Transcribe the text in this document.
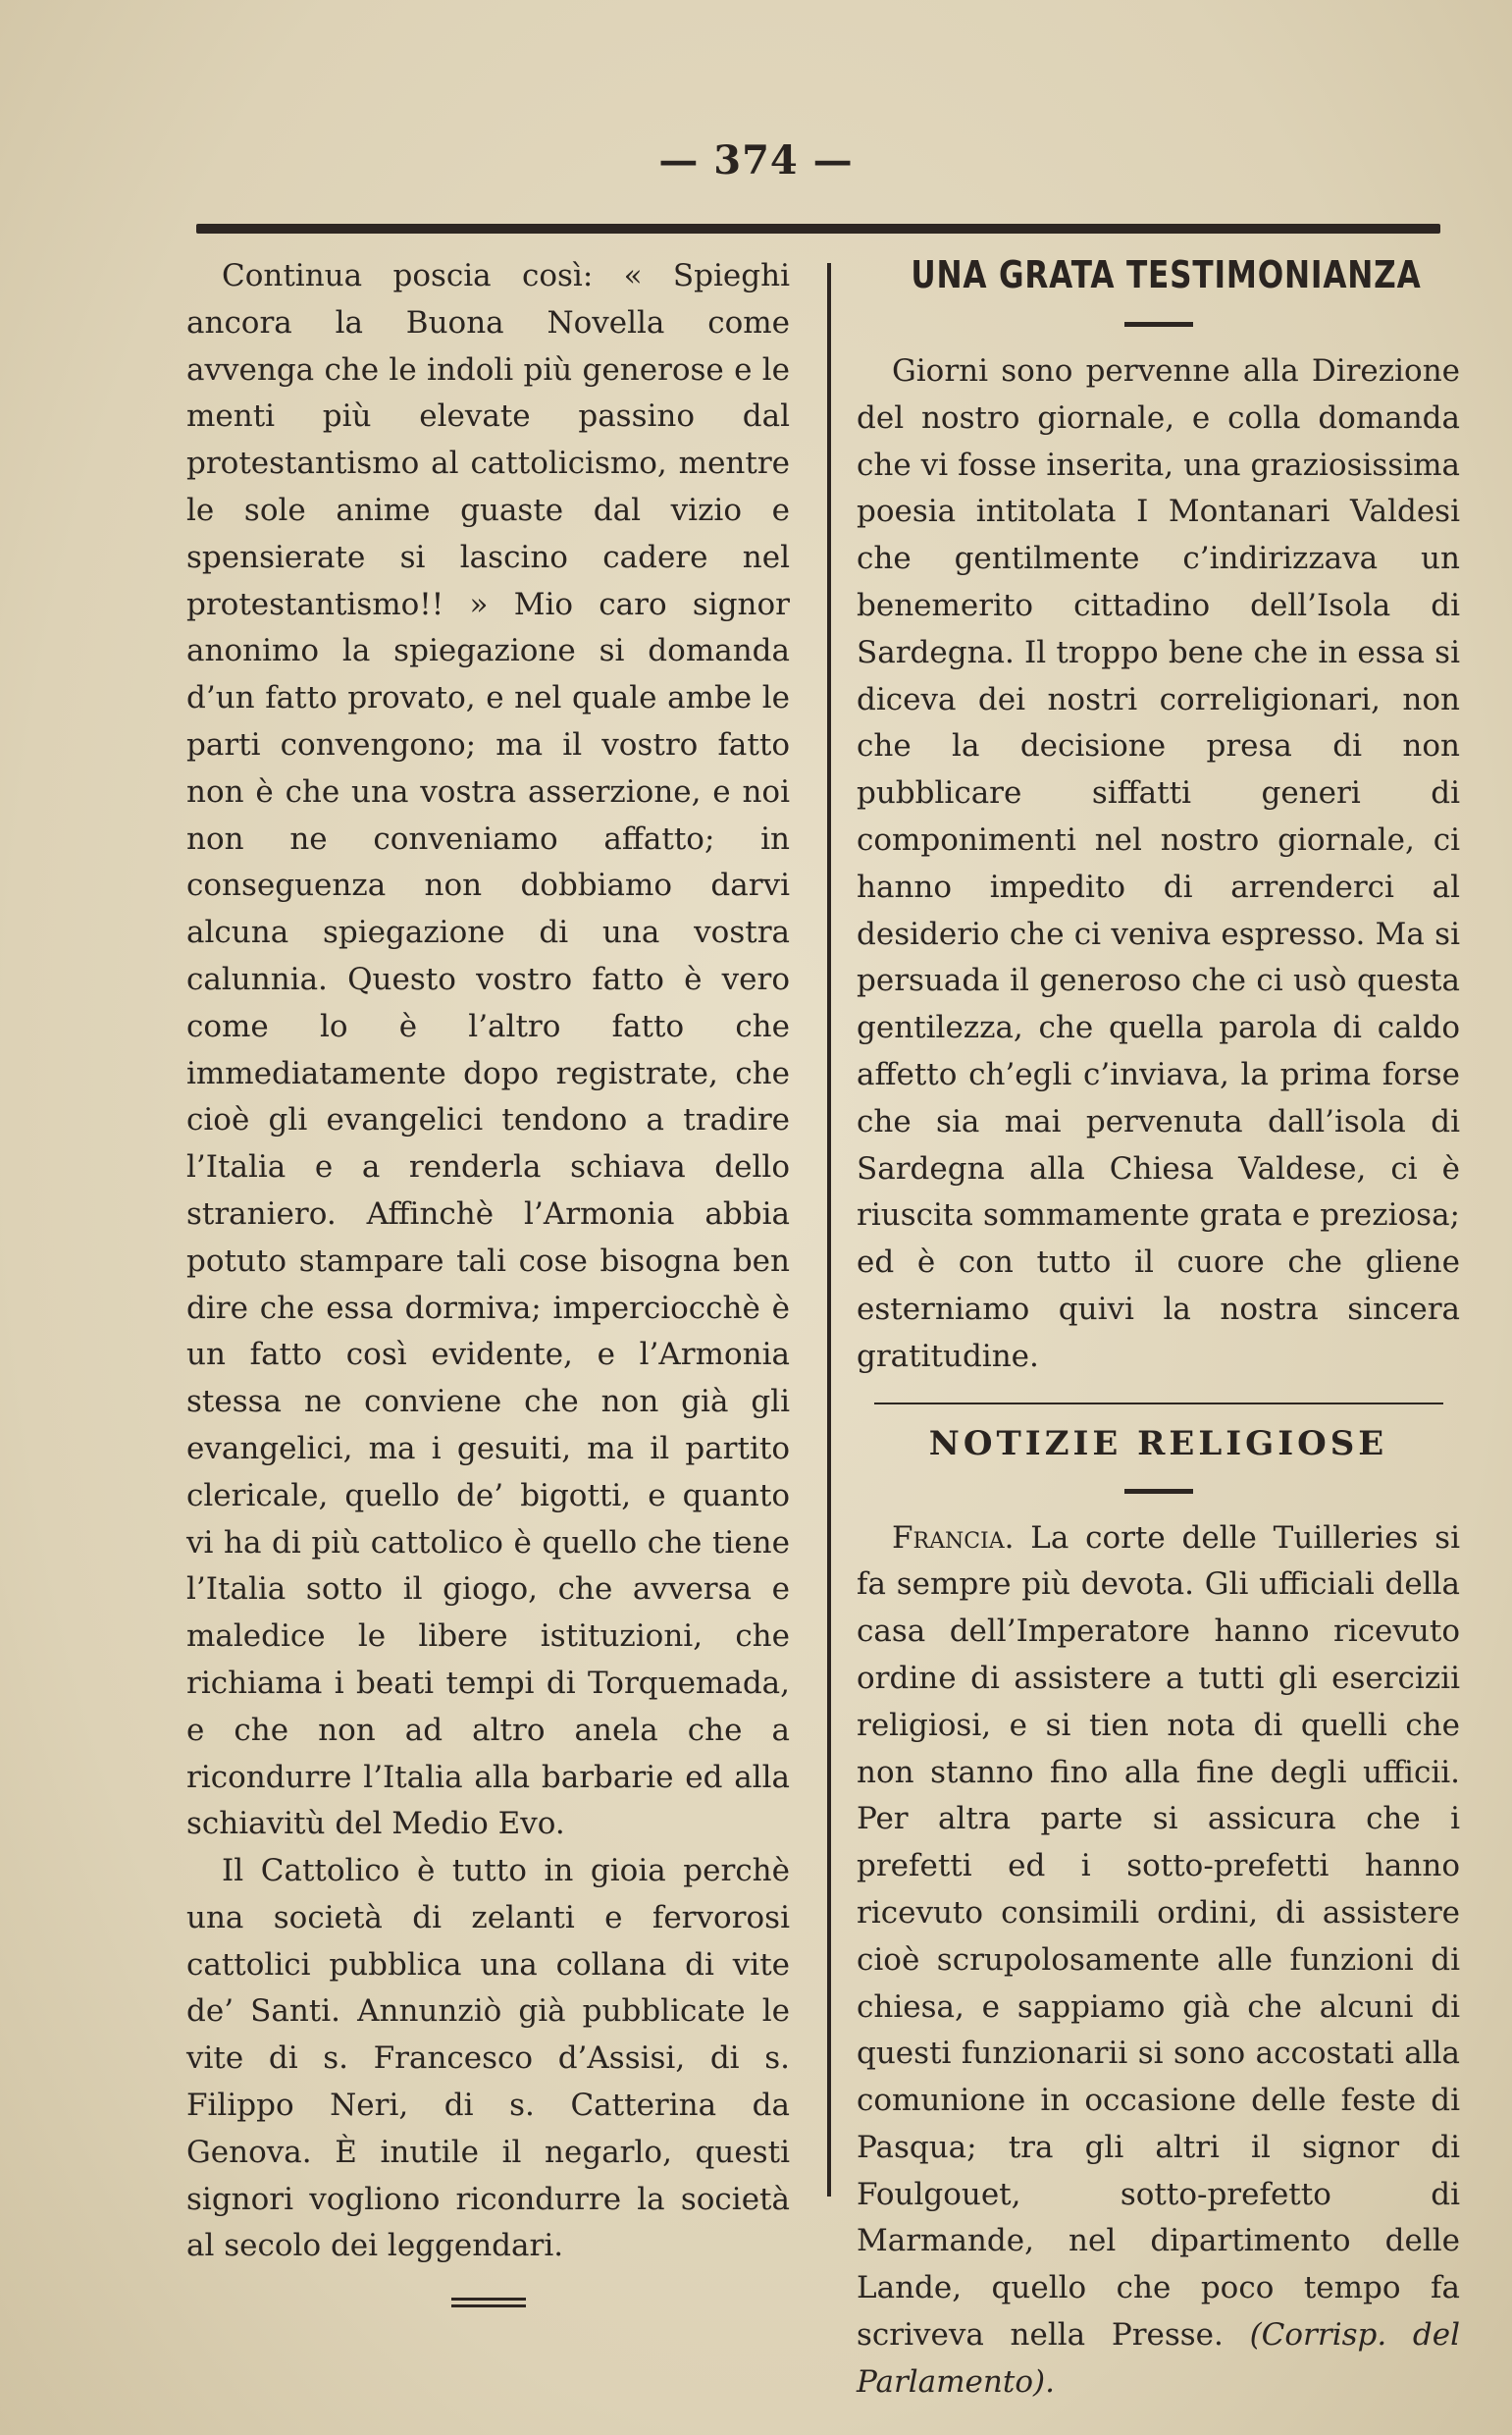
— 374 —

Continua poscia così: « Spieghi ancora la Buona Novella come avvenga che le indoli più generose e le menti più elevate passino dal protestantismo al cattolicismo, mentre le sole anime guaste dal vizio e spensierate si lascino cadere nel protestantismo!! » Mio caro signor anonimo la spiegazione si domanda d’un fatto provato, e nel quale ambe le parti convengono; ma il vostro fatto non è che una vostra asserzione, e noi non ne conveniamo affatto; in conseguenza non dobbiamo darvi alcuna spiegazione di una vostra calunnia. Questo vostro fatto è vero come lo è l’altro fatto che immediatamente dopo registrate, che cioè gli evangelici tendono a tradire l’Italia e a renderla schiava dello straniero. Affinchè l’Armonia abbia potuto stampare tali cose bisogna ben dire che essa dormiva; imperciocchè è un fatto così evidente, e l’Armonia stessa ne conviene che non già gli evangelici, ma i gesuiti, ma il partito clericale, quello de’ bigotti, e quanto vi ha di più cattolico è quello che tiene l’Italia sotto il giogo, che avversa e maledice le libere istituzioni, che richiama i beati tempi di Torquemada, e che non ad altro anela che a ricondurre l’Italia alla barbarie ed alla schiavitù del Medio Evo.

Il Cattolico è tutto in gioia perchè una società di zelanti e fervorosi cattolici pubblica una collana di vite de’ Santi. Annunziò già pubblicate le vite di s. Francesco d’Assisi, di s. Filippo Neri, di s. Catterina da Genova. È inutile il negarlo, questi signori vogliono ricondurre la società al secolo dei leggendari.

UNA GRATA TESTIMONIANZA

Giorni sono pervenne alla Direzione del nostro giornale, e colla domanda che vi fosse inserita, una graziosissima poesia intitolata I Montanari Valdesi che gentilmente c’indirizzava un benemerito cittadino dell’Isola di Sardegna. Il troppo bene che in essa si diceva dei nostri correligionari, non che la decisione presa di non pubblicare siffatti generi di componimenti nel nostro giornale, ci hanno impedito di arrenderci al desiderio che ci veniva espresso. Ma si persuada il generoso che ci usò questa gentilezza, che quella parola di caldo affetto ch’egli c’inviava, la prima forse che sia mai pervenuta dall’isola di Sardegna alla Chiesa Valdese, ci è riuscita sommamente grata e preziosa; ed è con tutto il cuore che gliene esterniamo quivi la nostra sincera gratitudine.

NOTIZIE RELIGIOSE

Francia. La corte delle Tuilleries si fa sempre più devota. Gli ufficiali della casa dell’Imperatore hanno ricevuto ordine di assistere a tutti gli esercizii religiosi, e si tien nota di quelli che non stanno fino alla fine degli ufficii. Per altra parte si assicura che i prefetti ed i sotto-prefetti hanno ricevuto consimili ordini, di assistere cioè scrupolosamente alle funzioni di chiesa, e sappiamo già che alcuni di questi funzionarii si sono accostati alla comunione in occasione delle feste di Pasqua; tra gli altri il signor di Foulgouet, sotto-prefetto di Marmande, nel dipartimento delle Lande, quello che poco tempo fa scriveva nella Presse. (Corrisp. del Parlamento).
